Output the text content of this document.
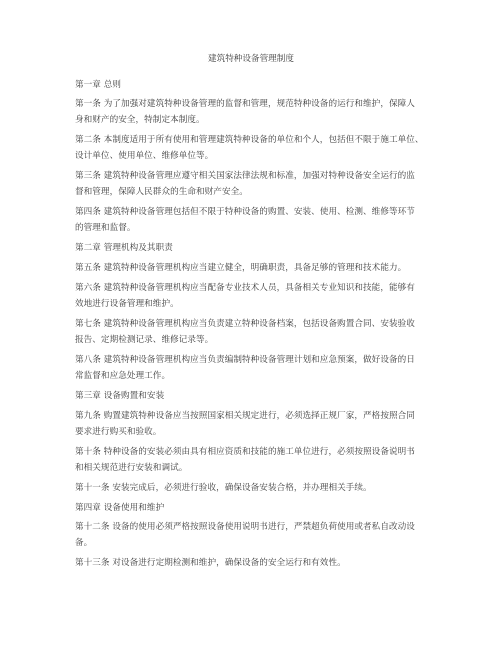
建筑特种设备管理制度
第一章 总则
第一条 为了加强对建筑特种设备管理的监督和管理，规范特种设备的运行和维护，保障人
身和财产的安全，特制定本制度。
第二条 本制度适用于所有使用和管理建筑特种设备的单位和个人，包括但不限于施工单位、
设计单位、使用单位、维修单位等。
第三条 建筑特种设备管理应遵守相关国家法律法规和标准，加强对特种设备安全运行的监
督和管理，保障人民群众的生命和财产安全。
第四条 建筑特种设备管理包括但不限于特种设备的购置、安装、使用、检测、维修等环节
的管理和监督。
第二章 管理机构及其职责
第五条 建筑特种设备管理机构应当建立健全，明确职责，具备足够的管理和技术能力。
第六条 建筑特种设备管理机构应当配备专业技术人员，具备相关专业知识和技能，能够有
效地进行设备管理和维护。
第七条 建筑特种设备管理机构应当负责建立特种设备档案，包括设备购置合同、安装验收
报告、定期检测记录、维修记录等。
第八条 建筑特种设备管理机构应当负责编制特种设备管理计划和应急预案，做好设备的日
常监督和应急处理工作。
第三章 设备购置和安装
第九条 购置建筑特种设备应当按照国家相关规定进行，必须选择正规厂家，严格按照合同
要求进行购买和验收。
第十条 特种设备的安装必须由具有相应资质和技能的施工单位进行，必须按照设备说明书
和相关规范进行安装和调试。
第十一条 安装完成后，必须进行验收，确保设备安装合格，并办理相关手续。
第四章 设备使用和维护
第十二条 设备的使用必须严格按照设备使用说明书进行，严禁超负荷使用或者私自改动设
备。
第十三条 对设备进行定期检测和维护，确保设备的安全运行和有效性。
